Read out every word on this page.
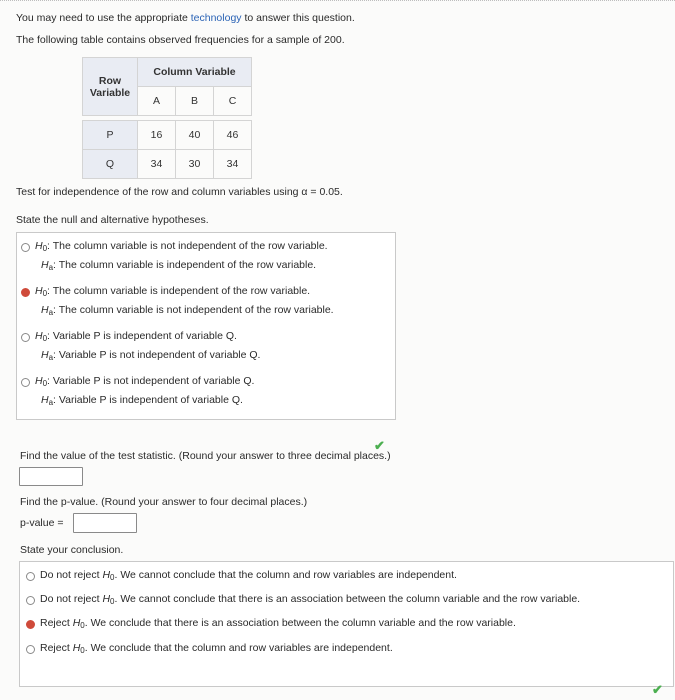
You may need to use the appropriate technology to answer this question.
The following table contains observed frequencies for a sample of 200.
Row
Variable	Column Variable		
	A	B	C

P	16	40	46
Q	34	30	34
Test for independence of the row and column variables using α = 0.05.
State the null and alternative hypotheses.
$H_0$: The column variable is not independent of the row variable.
$H_a$: The column variable is independent of the row variable.
$H_0$: The column variable is independent of the row variable.
$H_a$: The column variable is not independent of the row variable.
$H_0$: Variable P is independent of variable Q.
$H_a$: Variable P is not independent of variable Q.
$H_0$: Variable P is not independent of variable Q.
$H_a$: Variable P is independent of variable Q.
✔
Find the value of the test statistic. (Round your answer to three decimal places.)
Find the p-value. (Round your answer to four decimal places.)
p-value =
State your conclusion.
Do not reject $H_0$. We cannot conclude that the column and row variables are independent.
Do not reject $H_0$. We cannot conclude that there is an association between the column variable and the row variable.
Reject $H_0$. We conclude that there is an association between the column variable and the row variable.
Reject $H_0$. We conclude that the column and row variables are independent.
✔
